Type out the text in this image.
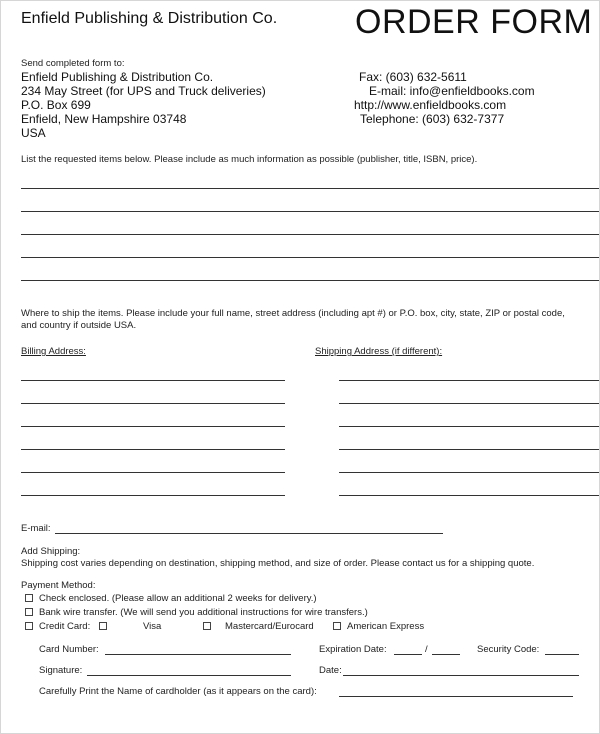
Enfield Publishing & Distribution Co. ORDER FORM
Send completed form to:
Enfield Publishing & Distribution Co.
234 May Street (for UPS and Truck deliveries)
P.O. Box 699
Enfield, New Hampshire 03748
USA
Fax: (603) 632-5611
E-mail: info@enfieldbooks.com
http://www.enfieldbooks.com
Telephone: (603) 632-7377
List the requested items below. Please include as much information as possible (publisher, title, ISBN, price).
Where to ship the items. Please include your full name, street address (including apt #) or P.O. box, city, state, ZIP or postal code,
and country if outside USA.
Billing Address:	Shipping Address (if different):
E-mail:
Add Shipping:
Shipping cost varies depending on destination, shipping method, and size of order. Please contact us for a shipping quote.
Payment Method:
Check enclosed. (Please allow an additional 2 weeks for delivery.)
Bank wire transfer. (We will send you additional instructions for wire transfers.)
Credit Card:	Visa	Mastercard/Eurocard	American Express
Card Number:	Expiration Date:	/	Security Code:
Signature:	Date:
Carefully Print the Name of cardholder (as it appears on the card):
